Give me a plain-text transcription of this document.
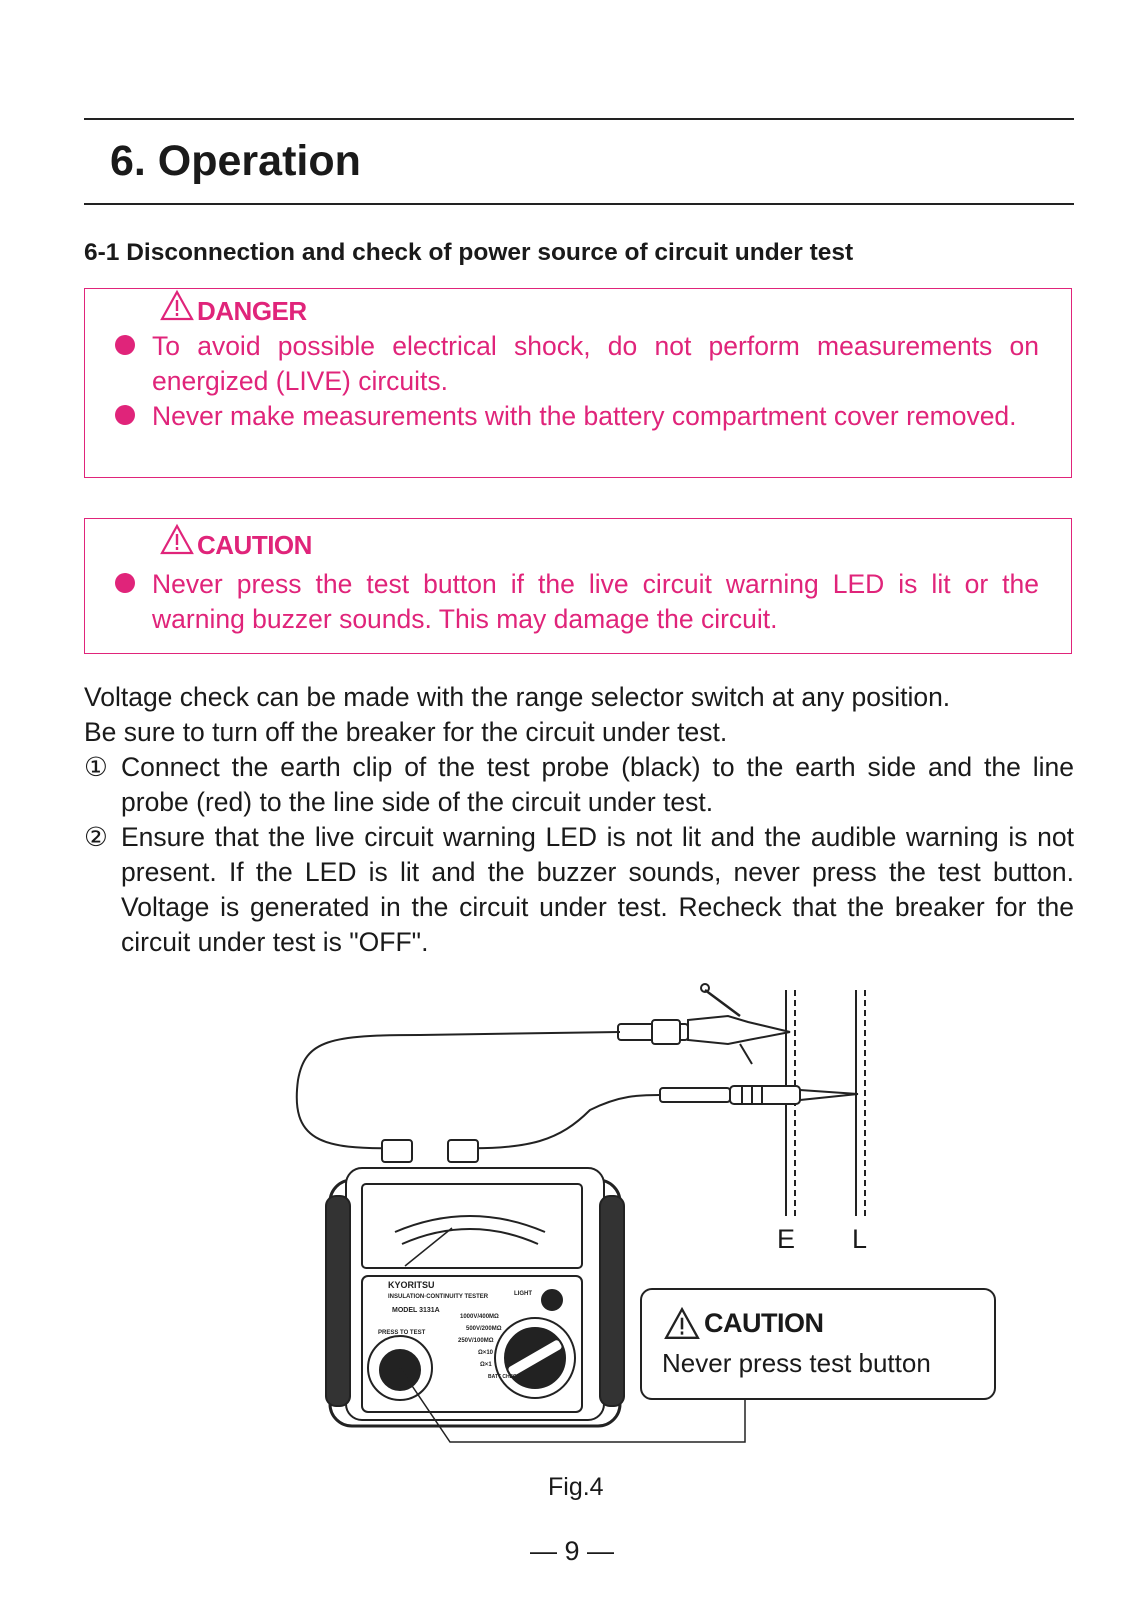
6. Operation
6-1 Disconnection and check of power source of circuit under test
DANGER

To avoid possible electrical shock, do not perform measurements on energized (LIVE) circuits.

Never make measurements with the battery compartment cover removed.

CAUTION

Never press the test button if the live circuit warning LED is lit or the warning buzzer sounds. This may damage the circuit.

Voltage check can be made with the range selector switch at any position.

Be sure to turn off the breaker for the circuit under test.

① Connect the earth clip of the test probe (black) to the earth side and the line probe (red) to the line side of the circuit under test.

② Ensure that the live circuit warning LED is not lit and the audible warning is not present. If the LED is lit and the buzzer sounds, never press the test button. Voltage is generated in the circuit under test. Recheck that the breaker for the circuit under test is "OFF".

KYORITSU
INSULATION·CONTINUITY TESTER
MODEL 3131A
LIGHT
PRESS TO TEST
1000V/400MΩ
500V/200MΩ
250V/100MΩ
Ω×10
Ω×1
BATT CHECK
E L
CAUTION
Never press test button
Fig.4
— 9 —
